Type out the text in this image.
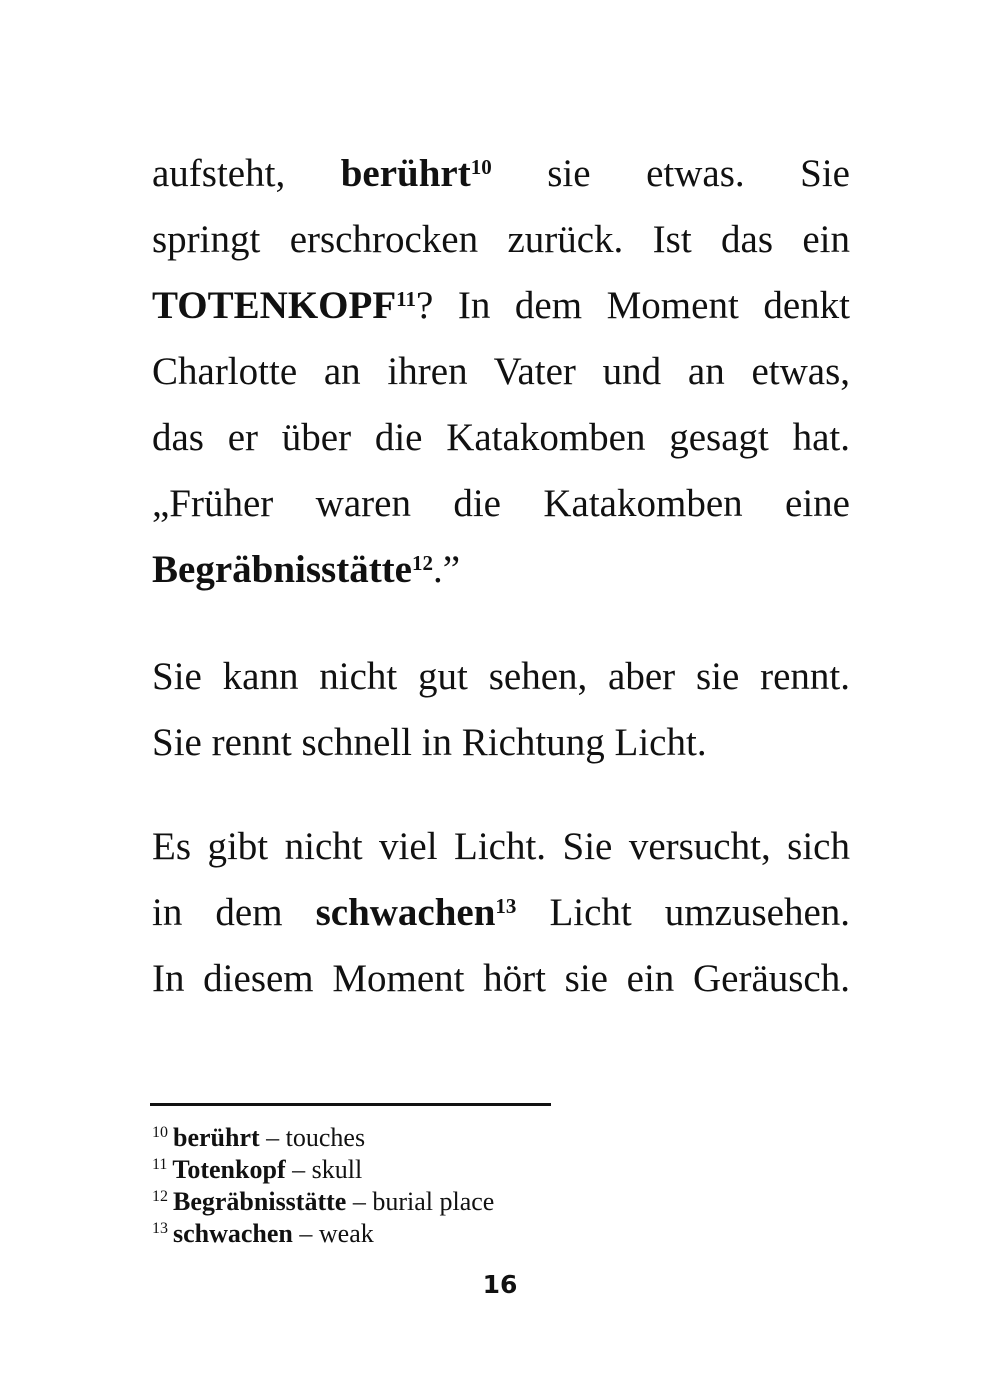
aufsteht, berührt$^{10}$ sie etwas. Sie
springt erschrocken zurück. Ist das ein
TOTENKOPF$^{11}$? In dem Moment denkt
Charlotte an ihren Vater und an etwas,
das er über die Katakomben gesagt hat.
„Früher waren die Katakomben eine
Begräbnisstätte$^{12}$.”
Sie kann nicht gut sehen, aber sie rennt.
Sie rennt schnell in Richtung Licht.
Es gibt nicht viel Licht. Sie versucht, sich
in dem schwachen$^{13}$ Licht umzusehen.
In diesem Moment hört sie ein Geräusch.
$^{10}$ berührt – touches
$^{11}$ Totenkopf – skull
$^{12}$ Begräbnisstätte – burial place
$^{13}$ schwachen – weak
16
